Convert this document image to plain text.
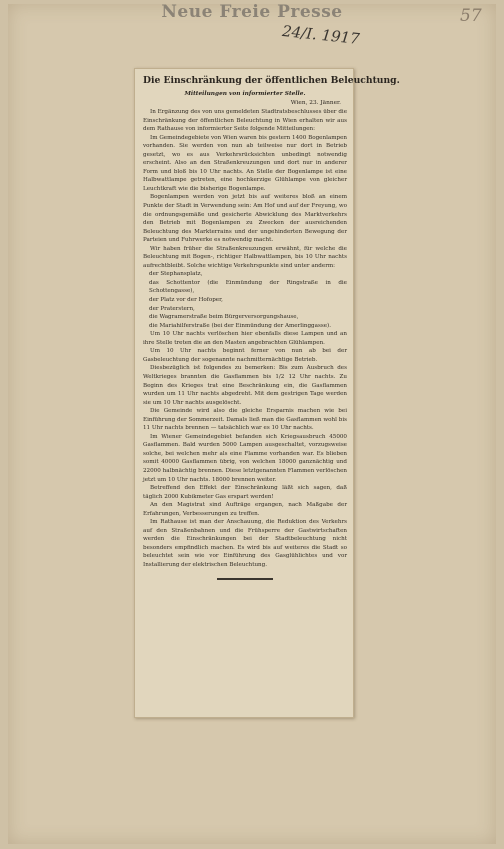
Neue Freie Presse
24/I. 1917
57
Die Einschränkung der öffentlichen Beleuchtung.

Mitteilungen von informierter Stelle.

Wien, 23. Jänner.

In Ergänzung des von uns gemeldeten Stadtratsbeschlusses über die Einschränkung der öffentlichen Beleuchtung in Wien erhalten wir aus dem Rathause von informierter Seite folgende Mitteilungen:

Im Gemeindegebiete von Wien waren bis gestern 1400 Bogenlampen vorhanden. Sie werden von nun ab teilweise nur dort in Betrieb gesetzt, wo es aus Verkehrsrücksichten unbedingt notwendig erscheint. Also an den Straßenkreuzungen und dort nur in anderer Form und bloß bis 10 Uhr nachts. An Stelle der Bogenlampe ist eine Halbwattlampe getreten, eine hochkerzige Glühlampe von gleicher Leuchtkraft wie die bisherige Bogenlampe.

Bogenlampen werden von jetzt bis auf weiteres bloß an einem Punkte der Stadt in Verwendung sein: Am Hof und auf der Freyung, wo die ordnungsgemäße und gesicherte Abwicklung des Marktverkehrs den Betrieb mit Bogenlampen zu Zwecken der ausreichenden Beleuchtung des Markterrains und der ungehinderten Bewegung der Parteien und Fuhrwerke es notwendig macht.

Wir haben früher die Straßenkreuzungen erwähnt, für welche die Beleuchtung mit Bogen-, richtiger Halbwattlampen, bis 10 Uhr nachts aufrechtbleibt. Solche wichtige Verkehrspunkte sind unter anderm:

der Stephansplatz,

das Schottentor (die Einmündung der Ringstraße in die Schottengasse),

der Platz vor der Hofoper,

der Praterstern,

die Wagramerstraße beim Bürgerversorgungshause,

die Mariahilferstraße (bei der Einmündung der Amerlinggasse).

Um 10 Uhr nachts verlöschen hier ebenfalls diese Lampen und an ihre Stelle treten die an den Masten angebrachten Glühlampen.

Um 10 Uhr nachts beginnt ferner von nun ab bei der Gasbeleuchtung der sogenannte nachmitternächtige Betrieb.

Diesbezüglich ist folgendes zu bemerken: Bis zum Ausbruch des Weltkrieges brannten die Gasflammen bis 1/2 12 Uhr nachts. Zu Beginn des Krieges trat eine Beschränkung ein, die Gasflammen wurden um 11 Uhr nachts abgedreht. Mit dem gestrigen Tage werden sie um 10 Uhr nachts ausgelöscht.

Die Gemeinde wird also die gleiche Ersparnis machen wie bei Einführung der Sommerzeit. Damals ließ man die Gasflammen wohl bis 11 Uhr nachts brennen — tatsächlich war es 10 Uhr nachts.

Im Wiener Gemeindegebiet befanden sich Kriegsausbruch 45000 Gasflammen. Bald wurden 5000 Lampen ausgeschaltet, vorzugsweise solche, bei welchen mehr als eine Flamme vorhanden war. Es blieben somit 40000 Gasflammen übrig, von welchen 18000 ganznächtig und 22000 halbnächtig brennen. Diese letztgenannten Flammen verlöschen jetzt um 10 Uhr nachts. 18000 brennen weiter.

Betreffend den Effekt der Einschränkung läßt sich sagen, daß täglich 2000 Kubikmeter Gas erspart werden!

An den Magistrat sind Aufträge ergangen, nach Maßgabe der Erfahrungen, Verbesserungen zu treffen.

Im Rathause ist man der Anschauung, die Reduktion des Verkehrs auf den Straßenbahnen und die Frühsperre der Gastwirtschaften werden die Einschränkungen bei der Stadtbeleuchtung nicht besonders empfindlich machen. Es wird bis auf weiteres die Stadt so beleuchtet sein wie vor Einführung des Gasglühlichtes und vor Installierung der elektrischen Beleuchtung.
